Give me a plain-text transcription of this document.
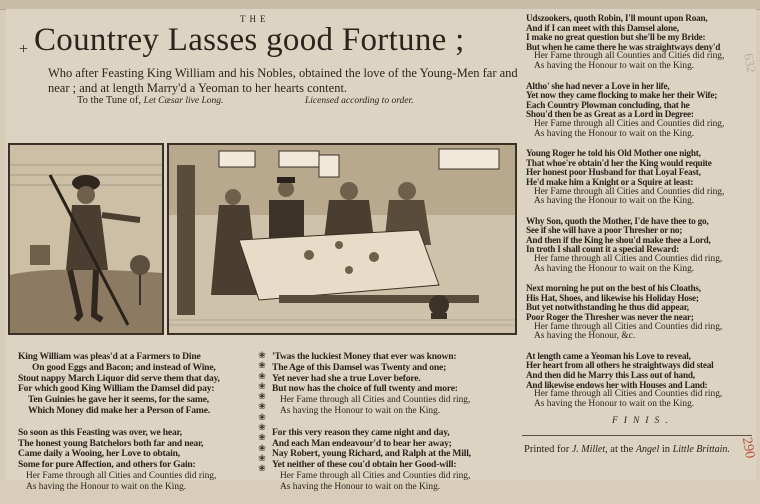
+
THE
Countrey Lasses good Fortune ;
Who after Feasting King William and his Nobles, obtained the love of the Young-Men far and near ; and at length Marry'd a Yeoman to her hearts content.
To the Tune of, Let Cæsar live Long.	Licensed according to order.
King William was pleas'd at a Farmers to Dine
On good Eggs and Bacon; and instead of Wine,
Stout nappy March Liquor did serve them that day,
For which good King William the Damsel did pay:
Ten Guinies he gave her it seems, for the same,
Which Money did make her a Person of Fame.
So soon as this Feasting was over, we hear,
The honest young Batchelors both far and near,
Came daily a Wooing, her Love to obtain,
Some for pure Affection, and others for Gain:
Her Fame through all Cities and Counties did ring,
As having the Honour to wait on the King.
❀
❀
❀
❀
❀
❀
❀
❀
❀
❀
❀
❀
'Twas the luckiest Money that ever was known:
The Age of this Damsel was Twenty and one;
Yet never had she a true Lover before.
But now has the choice of full twenty and more:
Her Fame through all Cities and Counties did ring,
As having the Honour to wait on the King.
For this very reason they came night and day,
And each Man endeavour'd to bear her away;
Nay Robert, young Richard, and Ralph at the Mill,
Yet neither of these cou'd obtain her Good-will:
Her Fame through all Cities and Counties did ring,
As having the Honour to wait on the King.
Udszookers, quoth Robin, I'll mount upon Roan,
And if I can meet with this Damsel alone,
I make no great question but she'll be my Bride:
But when he came there he was straightways deny'd
Her Fame through all Counties and Cities did ring,
As having the Honour to wait on the King.
Altho' she had never a Love in her life,
Yet now they came flocking to make her their Wife;
Each Country Plowman concluding, that he
Shou'd then be as Great as a Lord in Degree:
Her Fame through all Cities and Counties did ring,
As having the Honour to wait on the King.
Young Roger he told his Old Mother one night,
That whoe're obtain'd her the King would requite
Her honest poor Husband for that Loyal Feast,
He'd make him a Knight or a Squire at least:
Her Fame through all Cities and Counties did ring,
As having the Honour to wait on the King.
Why Son, quoth the Mother, I'de have thee to go,
See if she will have a poor Thresher or no;
And then if the King he shou'd make thee a Lord,
In troth I shall count it a special Reward:
Her fame through all Cities and Counties did ring,
As having the Honour to wait on the King.
Next morning he put on the best of his Cloaths,
His Hat, Shoes, and likewise his Holiday Hose;
But yet notwithstanding he thus did appear,
Poor Roger the Thresher was never the near;
Her fame through all Cities and Counties did ring,
As having the Honour, &c.
At length came a Yeoman his Love to reveal,
Her heart from all others he straightways did steal
And then did he Marry this Lass out of hand,
And likewise endows her with Houses and Land:
Her fame through all Cities and Counties did ring,
As having the Honour to wait on the King.
FINIS.
Printed for J. Millet, at the Angel in Little Brittain.
632
290
